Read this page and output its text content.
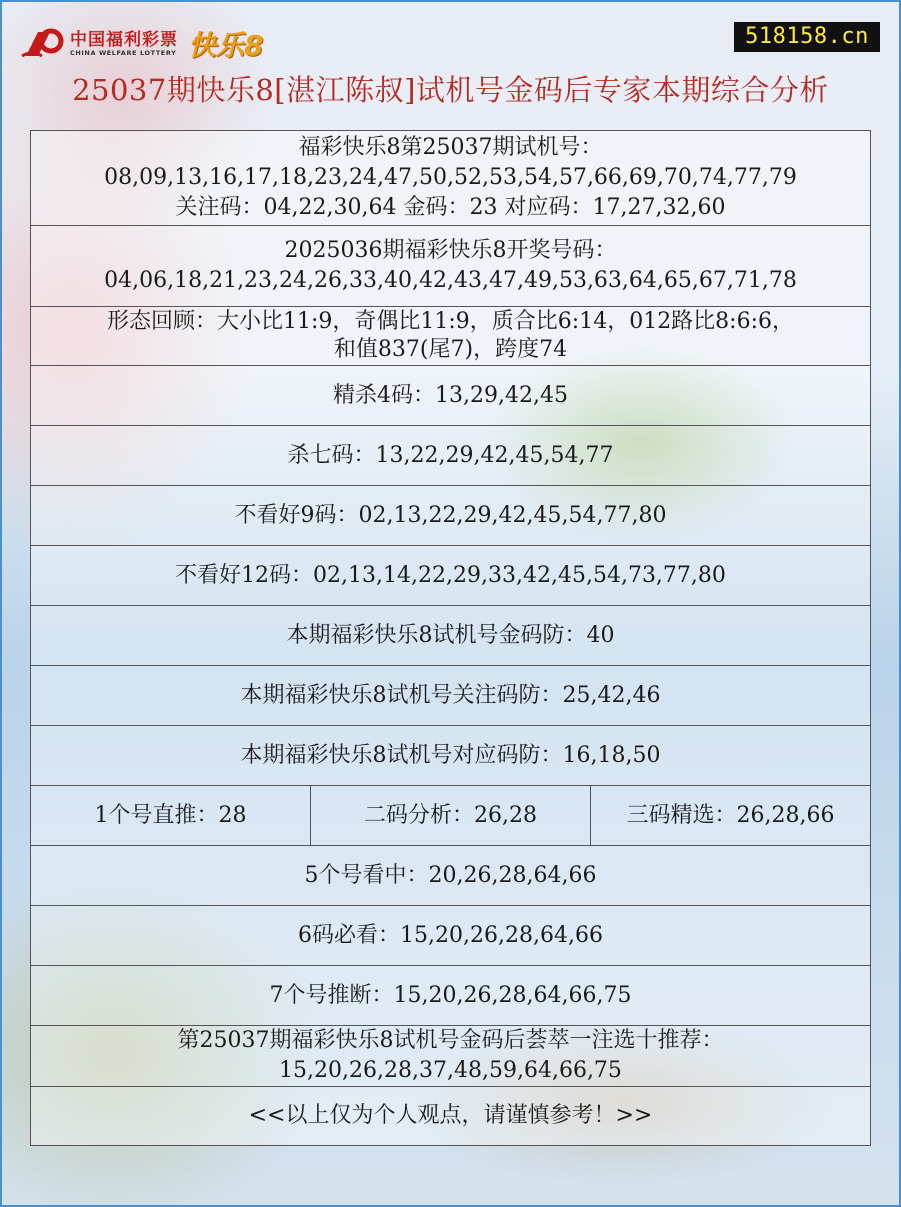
中国福利彩票
CHINA WELFARE LOTTERY 快乐8	518158.cn
25037期快乐8[湛江陈叔]试机号金码后专家本期综合分析
福彩快乐8第25037期试机号：
08,09,13,16,17,18,23,24,47,50,52,53,54,57,66,69,70,74,77,79
关注码：04,22,30,64 金码：23 对应码：17,27,32,60

2025036期福彩快乐8开奖号码：
04,06,18,21,23,24,26,33,40,42,43,47,49,53,63,64,65,67,71,78

形态回顾：大小比11:9，奇偶比11:9，质合比6:14，012路比8:6:6，
和值837(尾7)，跨度74

精杀4码：13,29,42,45
杀七码：13,22,29,42,45,54,77
不看好9码：02,13,22,29,42,45,54,77,80
不看好12码：02,13,14,22,29,33,42,45,54,73,77,80
本期福彩快乐8试机号金码防：40
本期福彩快乐8试机号关注码防：25,42,46
本期福彩快乐8试机号对应码防：16,18,50
1个号直推：28	二码分析：26,28	三码精选：26,28,66
5个号看中：20,26,28,64,66
6码必看：15,20,26,28,64,66
7个号推断：15,20,26,28,64,66,75

第25037期福彩快乐8试机号金码后荟萃一注选十推荐：
15,20,26,28,37,48,59,64,66,75

<<以上仅为个人观点，请谨慎参考！>>
